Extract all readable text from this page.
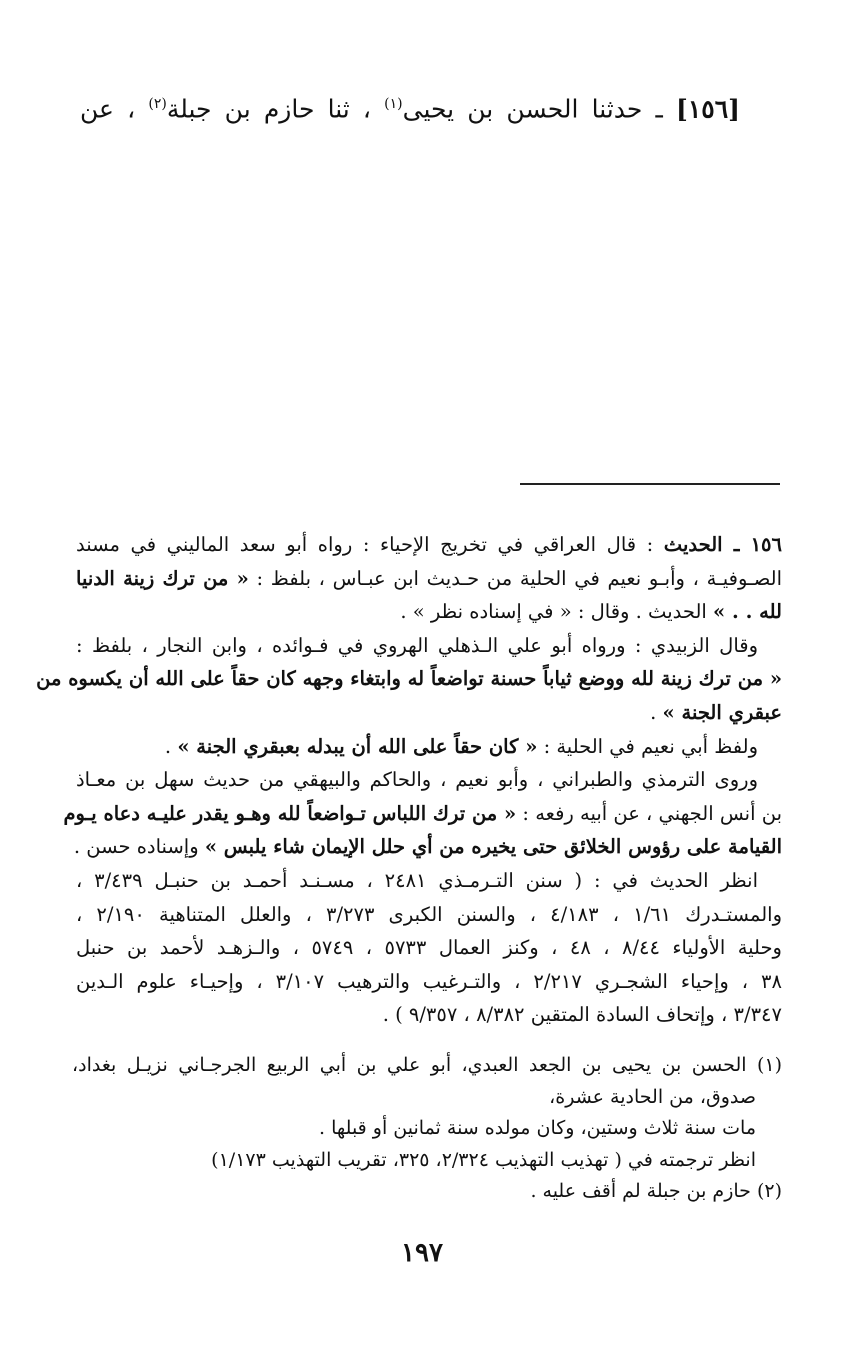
[١٥٦] ـ حدثنا الحسن بن يحيى$^{(١)}$ ، ثنا حازم بن جبلة$^{(٢)}$ ، عن

١٥٦ ـ الحديث : قال العراقي في تخريج الإحياء : رواه أبو سعد الماليني في مسند

الصـوفيـة ، وأبـو نعيم في الحلية من حـديث ابن عبـاس ، بلفظ : « من ترك زينة الدنيا

لله . . » الحديث . وقال : « في إسناده نظر » .

وقال الزبيدي : ورواه أبو علي الـذهلي الهروي في فـوائده ، وابن النجار ، بلفظ :

« من ترك زينة لله ووضع ثياباً حسنة تواضعاً له وابتغاء وجهه كان حقاً على الله أن يكسوه من

عبقري الجنة » .

ولفظ أبي نعيم في الحلية : « كان حقاً على الله أن يبدله بعبقري الجنة » .

وروى الترمذي والطبراني ، وأبو نعيم ، والحاكم والبيهقي من حديث سهل بن معـاذ

بن أنس الجهني ، عن أبيه رفعه : « من ترك اللباس تـواضعاً لله وهـو يقدر عليـه دعاه يـوم

القيامة على رؤوس الخلائق حتى يخيره من أي حلل الإيمان شاء يلبس » وإسناده حسن .

انظر الحديث في : ( سنن التـرمـذي ٢٤٨١ ، مسـنـد أحمـد بن حنبـل ٣/٤٣٩ ،

والمستـدرك ١/٦١ ، ٤/١٨٣ ، والسنن الكبرى ٣/٢٧٣ ، والعلل المتناهية ٢/١٩٠ ،

وحلية الأولياء ٨/٤٤ ، ٤٨ ، وكنز العمال ٥٧٣٣ ، ٥٧٤٩ ، والـزهـد لأحمد بن حنبل

٣٨ ، وإحياء الشجـري ٢/٢١٧ ، والتـرغيب والترهيب ٣/١٠٧ ، وإحيـاء علوم الـدين

٣/٣٤٧ ، وإتحاف السادة المتقين ٨/٣٨٢ ، ٩/٣٥٧ ) .

(١) الحسن بن يحيى بن الجعد العبدي، أبو علي بن أبي الربيع الجرجـاني نزيـل بغداد،

صدوق، من الحادية عشرة،

مات سنة ثلاث وستين، وكان مولده سنة ثمانين أو قبلها .

انظر ترجمته في ( تهذيب التهذيب ٢/٣٢٤، ٣٢٥، تقريب التهذيب ١/١٧٣)

(٢) حازم بن جبلة لم أقف عليه .

١٩٧
